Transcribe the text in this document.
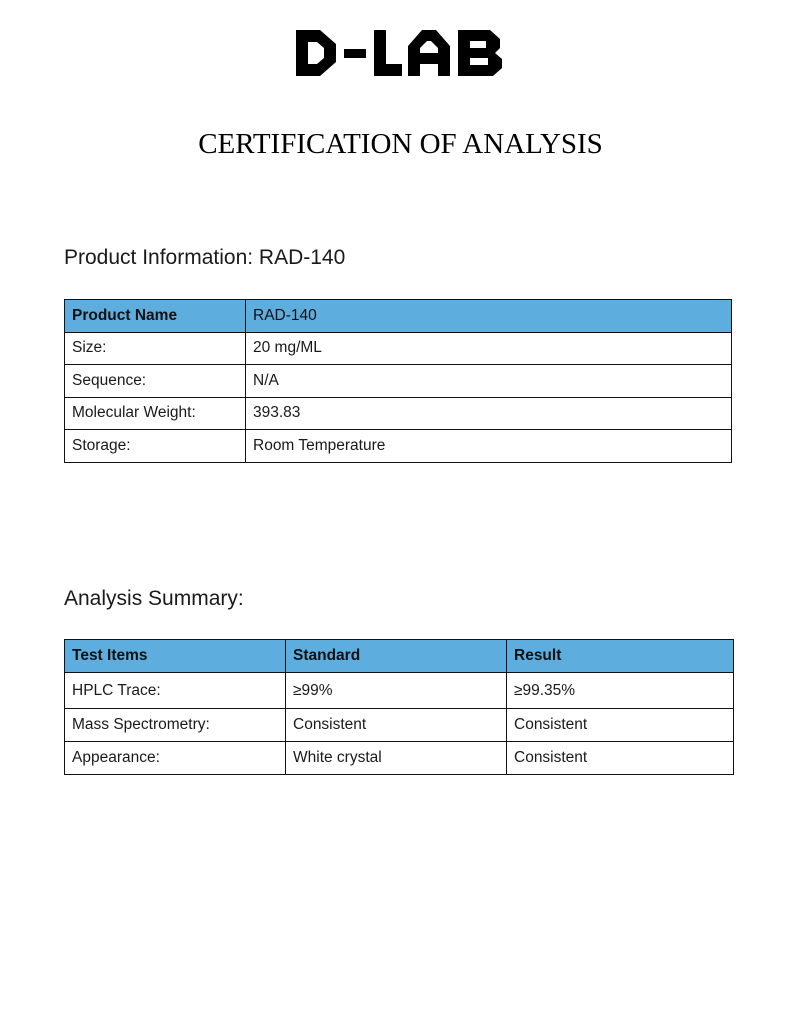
CERTIFICATION OF ANALYSIS
Product Information: RAD-140
Product Name	RAD-140
Size:	20 mg/ML
Sequence:	N/A
Molecular Weight:	393.83
Storage:	Room Temperature
Analysis Summary:
Test Items	Standard	Result
HPLC Trace:	≥99%	≥99.35%
Mass Spectrometry:	Consistent	Consistent
Appearance:	White crystal	Consistent
